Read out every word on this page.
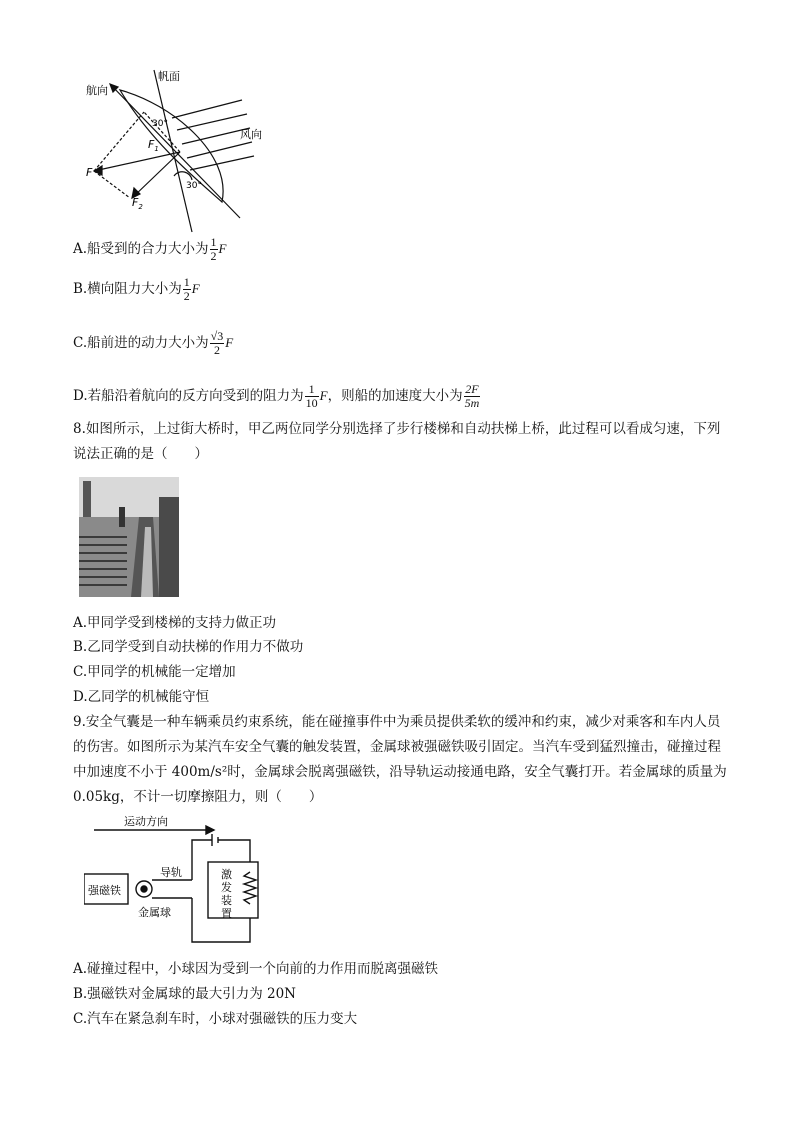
航向
帆面
风向
F
$F_1$
$F_2$
30°
30°
A.船受到的合力大小为 $\frac{1}{2}$ F
B.横向阻力大小为 $\frac{1}{2}$ F
C.船前进的动力大小为 $\frac{√3}{2}$ F
D.若船沿着航向的反方向受到的阻力为 $\frac{1}{10}$ F，则船的加速度大小为 $\frac{2F}{5m}$
8.如图所示，上过街大桥时，甲乙两位同学分别选择了步行楼梯和自动扶梯上桥，此过程可以看成匀速，下列说法正确的是（　　）
A.甲同学受到楼梯的支持力做正功
B.乙同学受到自动扶梯的作用力不做功
C.甲同学的机械能一定增加
D.乙同学的机械能守恒
9.安全气囊是一种车辆乘员约束系统，能在碰撞事件中为乘员提供柔软的缓冲和约束，减少对乘客和车内人员的伤害。如图所示为某汽车安全气囊的触发装置，金属球被强磁铁吸引固定。当汽车受到猛烈撞击，碰撞过程中加速度不小于 400m/s²时，金属球会脱离强磁铁，沿导轨运动接通电路，安全气囊打开。若金属球的质量为 0.05kg，不计一切摩擦阻力，则（　　）
运动方向
强磁铁
导轨
金属球
激
发
装
置
A.碰撞过程中，小球因为受到一个向前的力作用而脱离强磁铁
B.强磁铁对金属球的最大引力为 20N
C.汽车在紧急刹车时，小球对强磁铁的压力变大
